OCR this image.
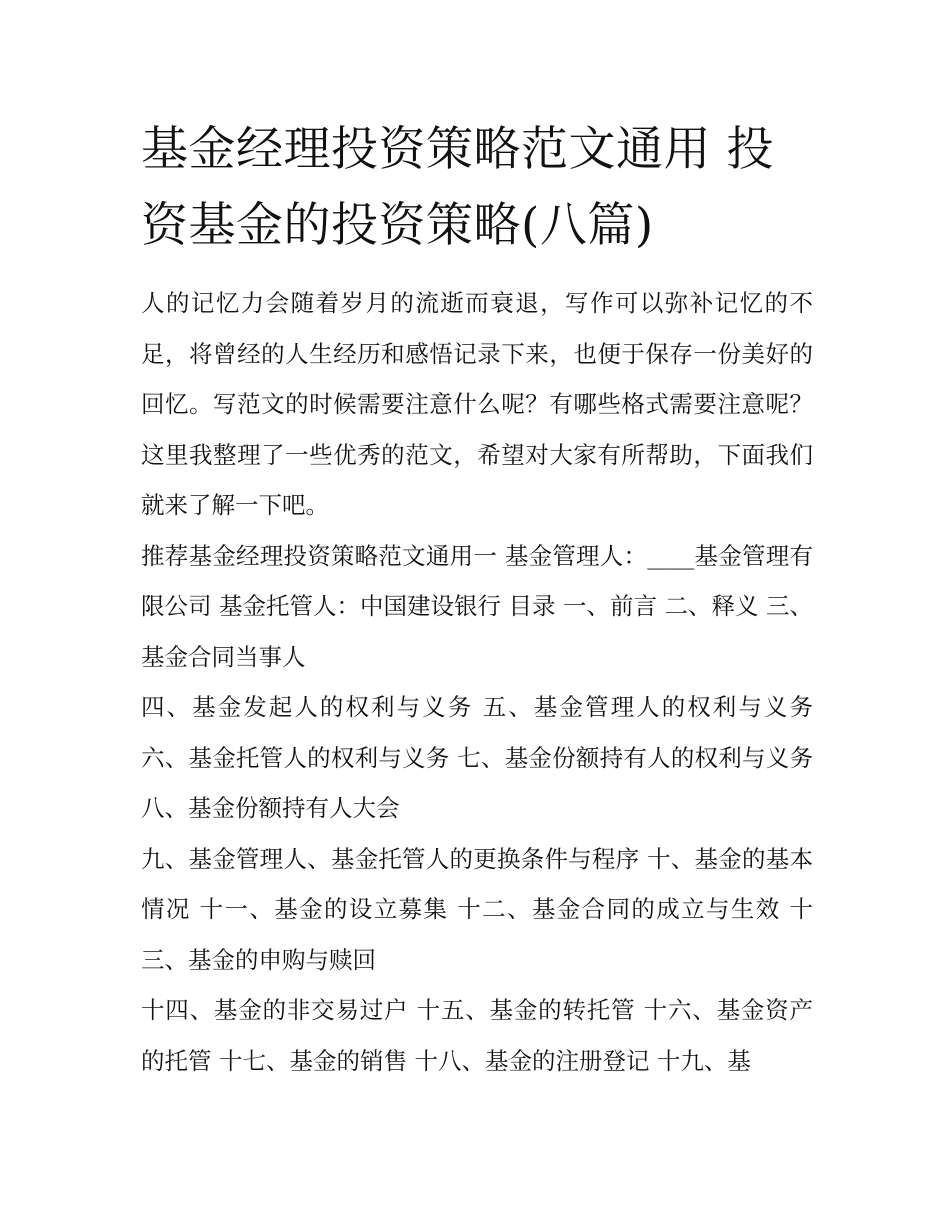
基金经理投资策略范文通用 投资基金的投资策略(八篇)

人的记忆力会随着岁月的流逝而衰退，写作可以弥补记忆的不足，将曾经的人生经历和感悟记录下来，也便于保存一份美好的回忆。写范文的时候需要注意什么呢？有哪些格式需要注意呢？这里我整理了一些优秀的范文，希望对大家有所帮助，下面我们就来了解一下吧。

推荐基金经理投资策略范文通用一 基金管理人：____基金管理有限公司 基金托管人：中国建设银行 目录 一、前言 二、释义 三、基金合同当事人

四、基金发起人的权利与义务 五、基金管理人的权利与义务 六、基金托管人的权利与义务 七、基金份额持有人的权利与义务 八、基金份额持有人大会

九、基金管理人、基金托管人的更换条件与程序 十、基金的基本情况 十一、基金的设立募集 十二、基金合同的成立与生效 十三、基金的申购与赎回

十四、基金的非交易过户 十五、基金的转托管 十六、基金资产的托管 十七、基金的销售 十八、基金的注册登记 十九、基
